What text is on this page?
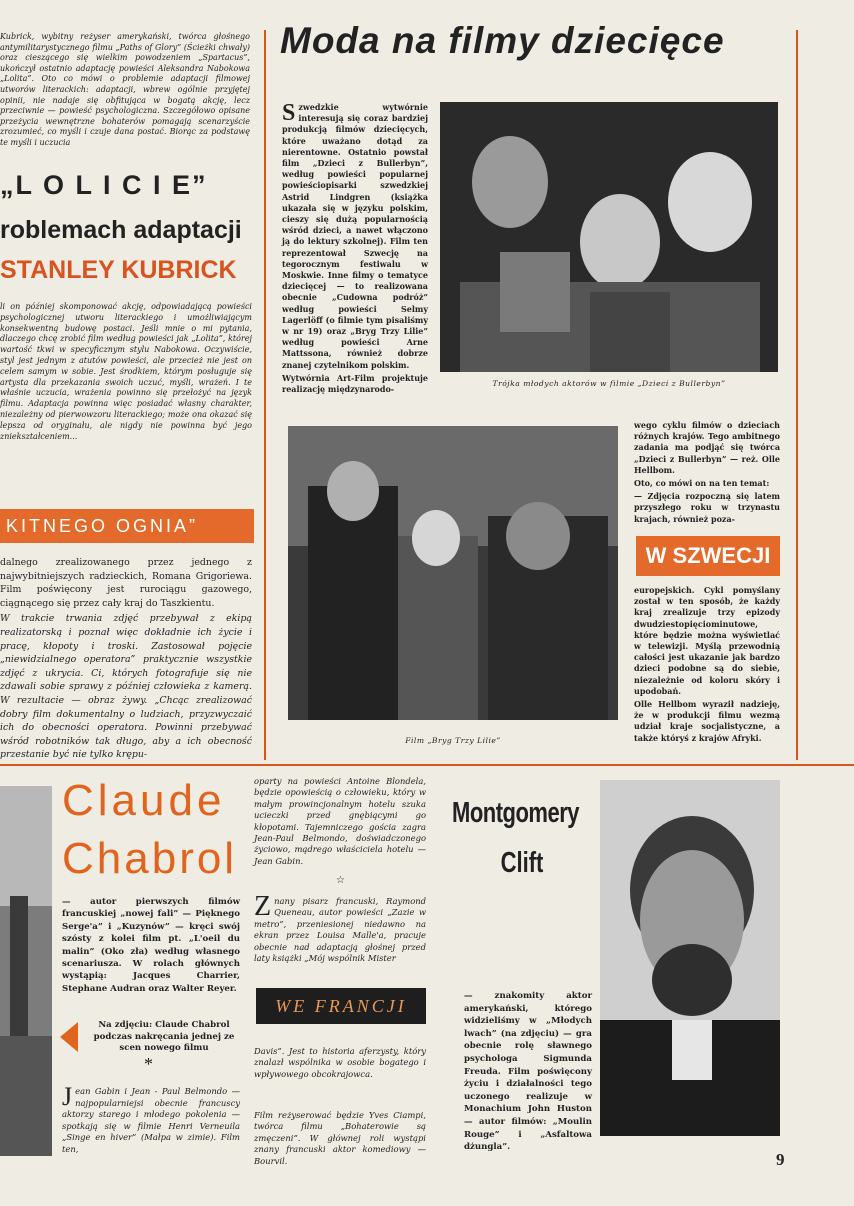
Kubrick, wybitny reżyser amerykański, twórca głośnego antymilitarystycznego filmu „Paths of Glory” (Ścieżki chwały) oraz cieszącego się wielkim powodzeniem „Spartacus”, ukończył ostatnio adaptację powieści Aleksandra Nabokowa „Lolita”. Oto co mówi o problemie adaptacji filmowej utworów literackich: adaptacji, wbrew ogólnie przyjętej opinii, nie nadaje się obfitująca w bogatą akcję, lecz przeciwnie — powieść psychologiczna. Szczegółowo opisane przeżycia wewnętrzne bohaterów pomagają scenarzyście zrozumieć, co myśli i czuje dana postać. Biorąc za podstawę te myśli i uczucia
„L O L I C I E”
roblemach adaptacji
STANLEY KUBRICK
li on później skomponować akcję, odpowiadającą powieści psychologicznej utworu literackiego i umożliwiającym konsekwentną budowę postaci. Jeśli mnie o mi pytania, dlaczego chcę zrobić film według powieści jak „Lolita”, której wartość tkwi w specyficznym stylu Nabokowa. Oczywiście, styl jest jednym z atutów powieści, ale przecież nie jest on celem samym w sobie. Jest środkiem, którym posługuje się artysta dla przekazania swoich uczuć, myśli, wrażeń. I te właśnie uczucia, wrażenia powinno się przełożyć na język filmu. Adaptacja powinna więc posiadać własny charakter, niezależny od pierwowzoru literackiego; może ona okazać się lepsza od oryginału, ale nigdy nie powinna być jego zniekształceniem...
KITNEGO OGNIA”

dalnego zrealizowanego przez jednego z najwybitniejszych radzieckich, Romana Grigoriewa. Film poświęcony jest rurociągu gazowego, ciągnącego się przez cały kraj do Taszkientu.

W trakcie trwania zdjęć przebywał z ekipą realizatorską i poznał więc dokładnie ich życie i pracę, kłopoty i troski. Zastosował pojęcie „niewidzialnego operatora” praktycznie wszystkie zdjęć z ukrycia. Ci, których fotografuje się nie zdawali sobie sprawy z później człowieka z kamerą. W rezultacie — obraz żywy. „Chcąc zrealizować dobry film dokumentalny o ludziach, przyzwyczaić ich do obecności operatora. Powinni przebywać wśród robotników tak długo, aby a ich obecność przestanie być nie tylko krępu-

Moda na filmy dziecięce
S zwedzkie wytwórnie interesują się coraz bardziej produkcją filmów dziecięcych, które uważano dotąd za nierentowne. Ostatnio powstał film „Dzieci z Bullerbyn”, według powieści popularnej powieściopisarki szwedzkiej Astrid Lindgren (książka ukazała się w języku polskim, cieszy się dużą popularnością wśród dzieci, a nawet włączono ją do lektury szkolnej). Film ten reprezentował Szwecję na tegorocznym festiwalu w Moskwie. Inne filmy o tematyce dziecięcej — to realizowana obecnie „Cudowna podróż” według powieści Selmy Lagerlöff (o filmie tym pisaliśmy w nr 19) oraz „Bryg Trzy Lilie” według powieści Arne Mattssona, również dobrze znanej czytelnikom polskim.

Wytwórnia Art-Film projektuje realizację międzynarodo-

Trójka młodych aktorów w filmie „Dzieci z Bullerbyn”
Film „Bryg Trzy Lilie”

wego cyklu filmów o dzieciach różnych krajów. Tego ambitnego zadania ma podjąć się twórca „Dzieci z Bullerbyn” — reż. Olle Hellbom.

Oto, co mówi on na ten temat:

— Zdjęcia rozpoczną się latem przyszłego roku w trzynastu krajach, również poza-

W SZWECJI

europejskich. Cykl pomyślany został w ten sposób, że każdy kraj zrealizuje trzy epizody dwudziestopięciominutowe, które będzie można wyświetlać w telewizji. Myślą przewodnią całości jest ukazanie jak bardzo dzieci podobne są do siebie, niezależnie od koloru skóry i upodobań.

Olle Hellbom wyraził nadzieję, że w produkcji filmu wezmą udział kraje socjalistyczne, a także któryś z krajów Afryki.

Claude
Chabrol
— autor pierwszych filmów francuskiej „nowej fali” — Pięknego Serge'a” i „Kuzynów” — kręci swój szósty z kolei film pt. „L'oeil du malin” (Oko zła) według własnego scenariusza. W rolach głównych wystąpią: Jacques Charrier, Stephane Audran oraz Walter Reyer.
Na zdjęciu: Claude Chabrol podczas nakręcania jednej ze scen nowego filmu
J ean Gabin i Jean - Paul Belmondo — najpopularniejsi obecnie francuscy aktorzy starego i młodego pokolenia — spotkają się w filmie Henri Verneuila „Singe en hiver” (Małpa w zimie). Film ten,
*
oparty na powieści Antoine Blondela, będzie opowieścią o człowieku, który w małym prowincjonalnym hotelu szuka ucieczki przed gnębiącymi go kłopotami. Tajemniczego gościa zagra Jean-Paul Belmondo, doświadczonego życiowo, mądrego właściciela hotelu — Jean Gabin.
☆
Z nany pisarz francuski, Raymond Queneau, autor powieści „Zazie w metro”, przeniesionej niedawno na ekran przez Louisa Malle'a, pracuje obecnie nad adaptacją głośnej przed laty książki „Mój wspólnik Mister
WE FRANCJI
Davis”. Jest to historia aferzysty, który znalazł wspólnika w osobie bogatego i wpływowego obcokrajowca.
Film reżyserować będzie Yves Ciampi, twórca filmu „Bohaterowie są zmęczeni”. W głównej roli wystąpi znany francuski aktor komediowy — Bourvil.
Montgomery
Clift
— znakomity aktor amerykański, którego widzieliśmy w „Młodych lwach” (na zdjęciu) — gra obecnie rolę sławnego psychologa Sigmunda Freuda. Film poświęcony życiu i działalności tego uczonego realizuje w Monachium John Huston — autor filmów: „Moulin Rouge” i „Asfaltowa dżungla”.
9
